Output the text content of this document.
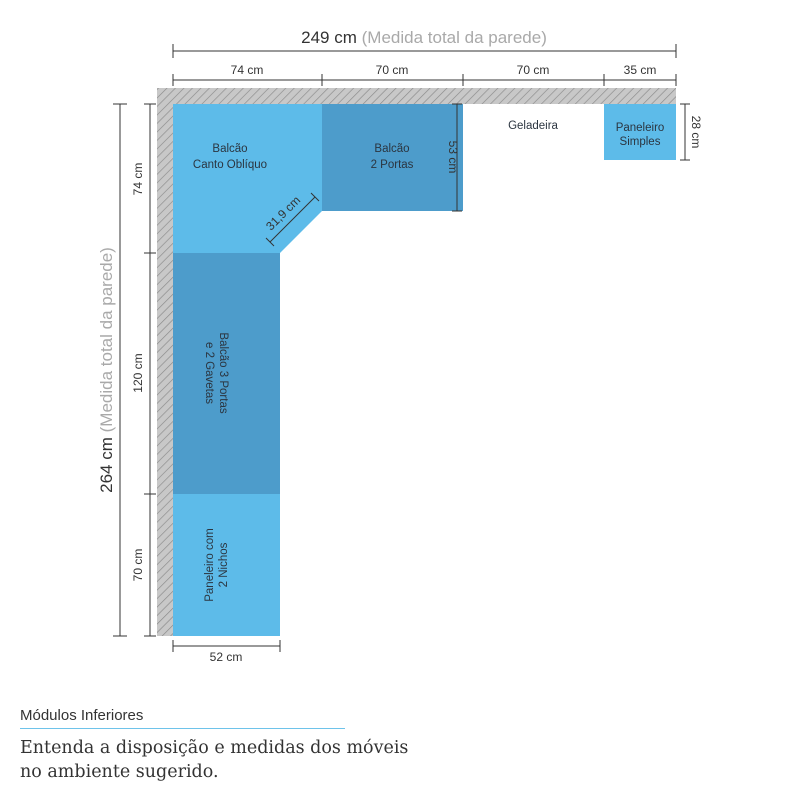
249 cm (Medida total da parede)
74 cm	70 cm	70 cm	35 cm
264 cm (Medida total da parede)
74 cm
120 cm
70 cm
52 cm
31,9 cm
53 cm
28 cm
Balcão
Canto Oblíquo
Balcão
2 Portas
Geladeira	Paneleiro
Simples
Balcão 3 Portas
e 2 Gavetas
Paneleiro com 2 Nichos

Módulos Inferiores

Entenda a disposição e medidas dos móveis no ambiente sugerido.
